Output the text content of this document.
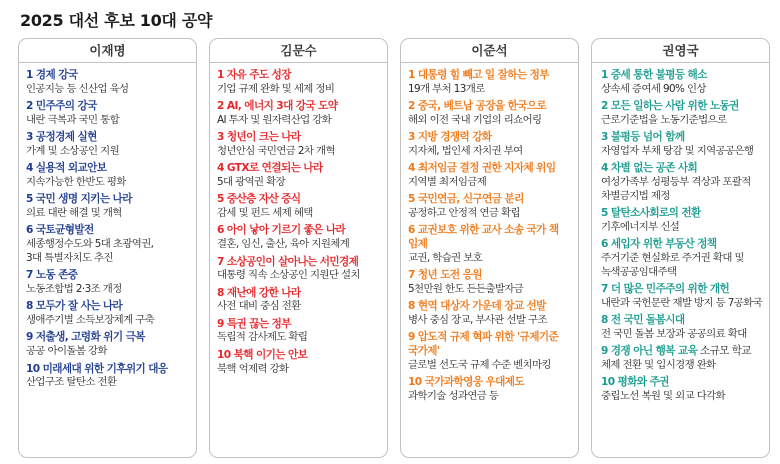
2025 대선 후보 10대 공약
이재명
1 경제 강국
인공지능 등 신산업 육성
2 민주주의 강국
내란 극복과 국민 통합
3 공정경제 실현
가계 및 소상공인 지원
4 실용적 외교안보
지속가능한 한반도 평화
5 국민 생명 지키는 나라
의료 대란 해결 및 개혁
6 국토균형발전
세종행정수도와 5대 초광역권,
3대 특별자치도 추진
7 노동 존중
노동조합법 2·3조 개정
8 모두가 잘 사는 나라
생애주기별 소득보장체계 구축
9 저출생, 고령화 위기 극복
공공 아이돌봄 강화
10 미래세대 위한 기후위기 대응
산업구조 탈탄소 전환
김문수
1 자유 주도 성장
기업 규제 완화 및 세제 정비
2 AI, 에너지 3대 강국 도약
AI 투자 및 원자력산업 강화
3 청년이 크는 나라
청년안심 국민연금 2차 개혁
4 GTX로 연결되는 나라
5대 광역권 확장
5 중산층 자산 증식
감세 및 펀드 세제 혜택
6 아이 낳아 기르기 좋은 나라
결혼, 임신, 출산, 육아 지원체계
7 소상공인이 살아나는 서민경제
대통령 직속 소상공인 지원단 설치
8 재난에 강한 나라
사전 대비 중심 전환
9 특권 끊는 정부
독립적 감사제도 확립
10 북핵 이기는 안보
북핵 억제력 강화
이준석
1 대통령 힘 빼고 일 잘하는 정부
19개 부처 13개로
2 중국, 베트남 공장을 한국으로
해외 이전 국내 기업의 리쇼어링
3 지방 경쟁력 강화
지자체, 법인세 자치권 부여
4 최저임금 결정 권한 지자체 위임
지역별 최저임금제
5 국민연금, 신구연금 분리
공정하고 안정적 연금 확립
6 교권보호 위한 교사 소송 국가 책
임제
교권, 학습권 보호
7 청년 도전 응원
5천만원 한도 든든출발자금
8 현역 대상자 가운데 장교 선발
병사 중심 장교, 부사관 선발 구조
9 압도적 규제 혁파 위한 '규제기준
국가제'
글로벌 선도국 규제 수준 벤치마킹
10 국가과학영웅 우대제도
과학기술 성과연금 등
권영국
1 증세 통한 불평등 해소
상속세 증여세 90% 인상
2 모든 일하는 사람 위한 노동권
근로기준법을 노동기준법으로
3 불평등 넘어 함께
자영업자 부채 탕감 및 지역공공은행
4 차별 없는 공존 사회
여성가족부 성평등부 격상과 포괄적
차별금지법 제정
5 탈탄소사회로의 전환
기후에너지부 신설
6 세입자 위한 부동산 정책
주거기준 현실화로 주거권 확대 및
녹색공공임대주택
7 더 많은 민주주의 위한 개헌
내란과 국헌문란 재발 방지 등 7공화국
8 전 국민 돌봄시대
전 국민 돌봄 보장과 공공의료 확대
9 경쟁 아닌 행복 교육 소규모 학교
체제 전환 및 입시경쟁 완화
10 평화와 주권
중립노선 복원 및 외교 다각화
